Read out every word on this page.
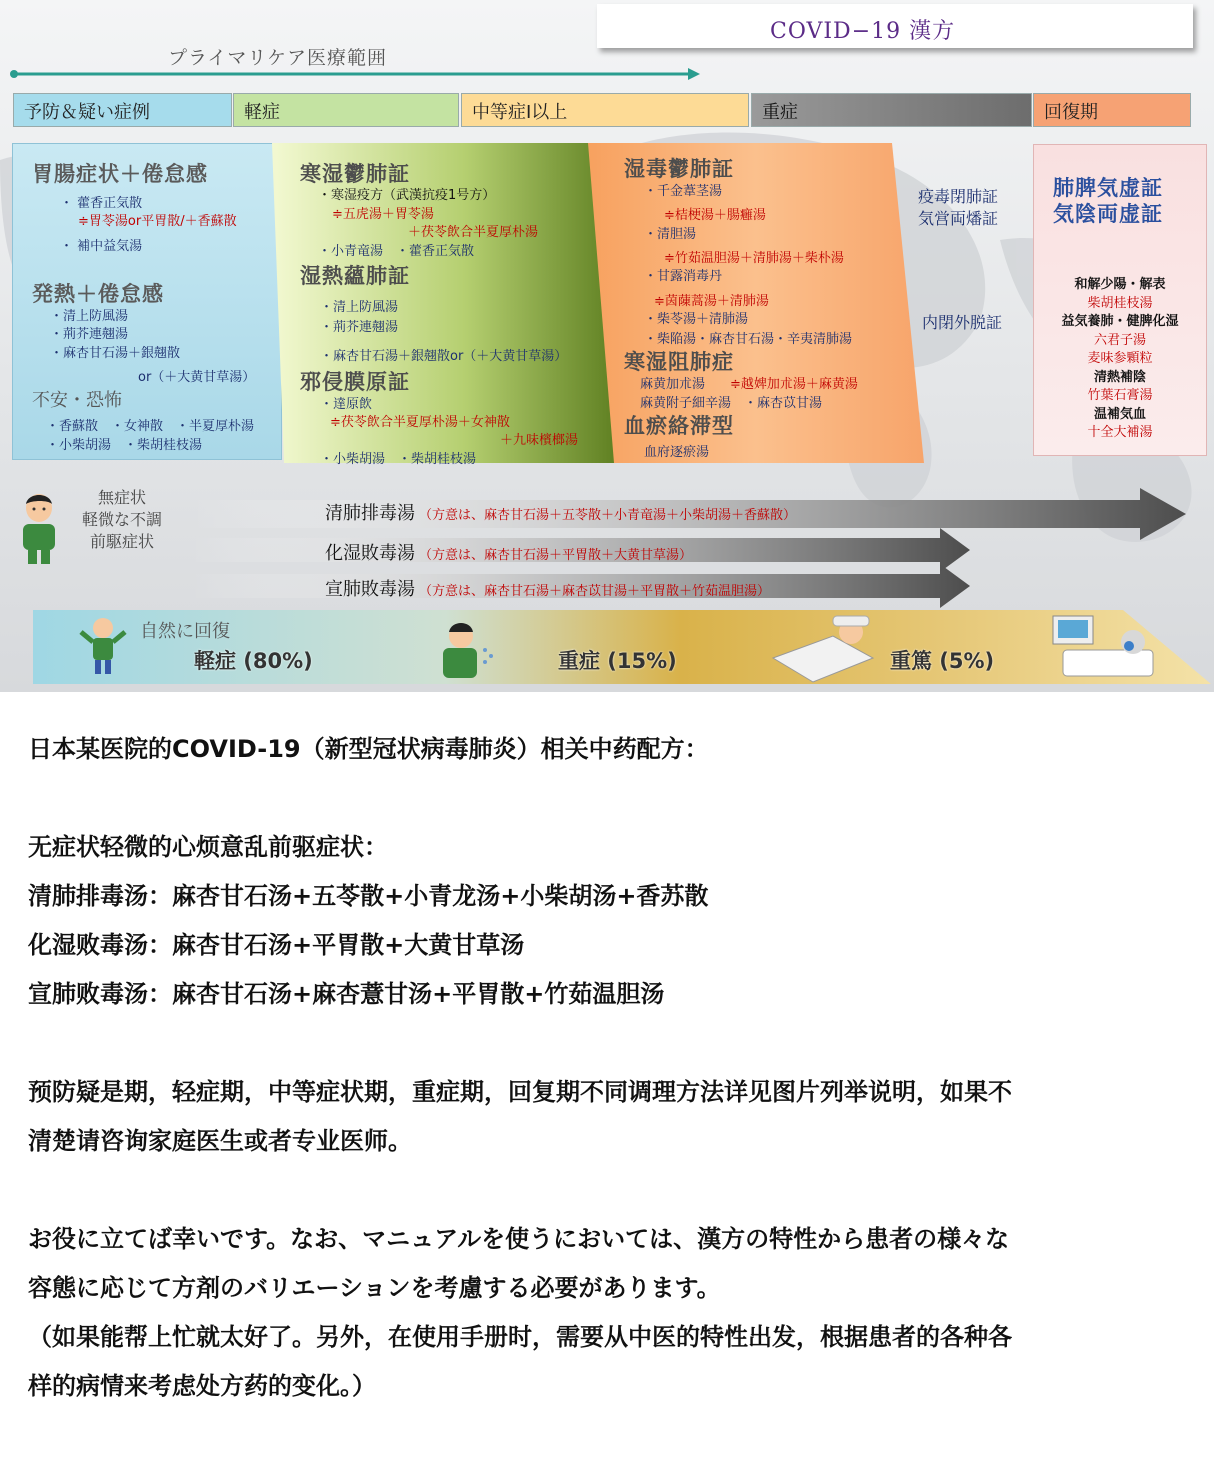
COVID−19 漢方
プライマリケア医療範囲
予防＆疑い症例	軽症	中等症Ⅰ以上	重症	回復期
胃腸症状＋倦怠感
・ 藿香正気散
≑胃苓湯or平胃散/＋香蘇散
・ 補中益気湯
発熱＋倦怠感
・清上防風湯
・荊芥連翹湯
・麻杏甘石湯＋銀翹散
or（＋大黄甘草湯）
不安・恐怖
・香蘇散　・女神散　・半夏厚朴湯
・小柴胡湯　・柴胡桂枝湯
寒湿鬱肺証
・寒湿疫方（武漢抗疫1号方）
≑五虎湯＋胃苓湯
＋茯苓飲合半夏厚朴湯
・小青竜湯　・藿香正気散
湿熱蘊肺証
・清上防風湯
・荊芥連翹湯
・麻杏甘石湯＋銀翹散or（＋大黄甘草湯）
邪侵膜原証
・達原飲
≑茯苓飲合半夏厚朴湯＋女神散
＋九味檳榔湯
・小柴胡湯　・柴胡桂枝湯
湿毒鬱肺証
・千金葦茎湯
≑桔梗湯＋腸癰湯
・清胆湯
≑竹茹温胆湯＋清肺湯＋柴朴湯
・甘露消毒丹
≑茵蔯蒿湯＋清肺湯
・柴苓湯＋清肺湯
・柴陥湯・麻杏甘石湯・辛夷清肺湯
寒湿阻肺症
麻黄加朮湯 ≑越婢加朮湯＋麻黄湯
麻黄附子細辛湯　・麻杏苡甘湯
血瘀絡滞型
血府逐瘀湯
疫毒閉肺証
気営両燔証
内閉外脱証
肺脾気虚証
気陰両虚証
和解少陽・解表
柴胡桂枝湯
益気養肺・健脾化湿
六君子湯
麦味参顆粒
清熱補陰
竹葉石膏湯
温補気血
十全大補湯
無症状
軽微な不調
前駆症状
清肺排毒湯 （方意は、麻杏甘石湯＋五苓散＋小青竜湯＋小柴胡湯＋香蘇散）
化湿敗毒湯 （方意は、麻杏甘石湯＋平胃散＋大黄甘草湯）
宣肺敗毒湯 （方意は、麻杏甘石湯＋麻杏苡甘湯＋平胃散＋竹茹温胆湯）
自然に回復
軽症 (80%)	重症 (15%)	重篤 (5%)
日本某医院的COVID-19（新型冠状病毒肺炎）相关中药配方：
无症状轻微的心烦意乱前驱症状：
清肺排毒汤：麻杏甘石汤+五苓散+小青龙汤+小柴胡汤+香苏散
化湿败毒汤：麻杏甘石汤+平胃散+大黄甘草汤
宣肺败毒汤：麻杏甘石汤+麻杏薏甘汤+平胃散+竹茹温胆汤
预防疑是期，轻症期，中等症状期，重症期，回复期不同调理方法详见图片列举说明，如果不
清楚请咨询家庭医生或者专业医师。
お役に立てば幸いです。なお、マニュアルを使うにおいては、漢方の特性から患者の様々な
容態に応じて方剤のバリエーションを考慮する必要があります。
（如果能帮上忙就太好了。另外，在使用手册时，需要从中医的特性出发，根据患者的各种各
样的病情来考虑处方药的变化。）
